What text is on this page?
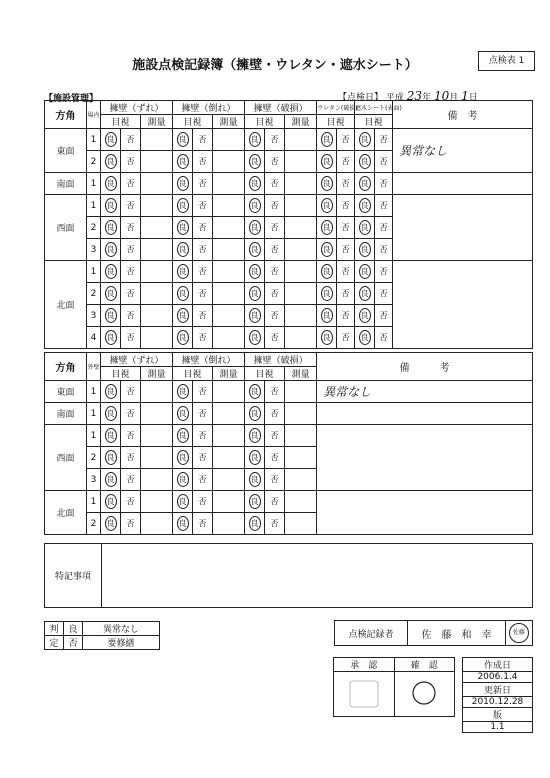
施設点検記録簿（擁壁・ウレタン・遮水シート）	点検表 1
【施設管理】	【点検日】 平成 23年 10月 1日
方角	場内	擁壁（ずれ）			擁壁（倒れ）			擁壁（破損）			ウレタン(破損)		遮水シート(表面)		備　考
		目視		測量	目視		測量	目視		測量	目視		目視		
東面	1	良	否		良	否		良	否		良	否	良	否	異常なし
	2	良	否		良	否		良	否		良	否	良	否	
南面	1	良	否		良	否		良	否		良	否	良	否	
西面	1	良	否		良	否		良	否		良	否	良	否	
	2	良	否		良	否		良	否		良	否	良	否	
	3	良	否		良	否		良	否		良	否	良	否	
北面	1	良	否		良	否		良	否		良	否	良	否	
	2	良	否		良	否		良	否		良	否	良	否	
	3	良	否		良	否		良	否		良	否	良	否	
	4	良	否		良	否		良	否		良	否	良	否	
方角	外壁	擁壁（ずれ）			擁壁（倒れ）			擁壁（破損）			備　　　考
		目視		測量	目視		測量	目視		測量	
東面	1	良	否		良	否		良	否		異常なし
南面	1	良	否		良	否		良	否		
西面	1	良	否		良	否		良	否		
	2	良	否		良	否		良	否		
	3	良	否		良	否		良	否		
北面	1	良	否		良	否		良	否		
	2	良	否		良	否		良	否		
特記事項	
判	良	異常なし
定	否	要修繕
点検記録者	佐　藤　和　幸	佐藤
承　認	確　認
		作成日
2006.1.4
更新日
2010.12.28
版
1.1
